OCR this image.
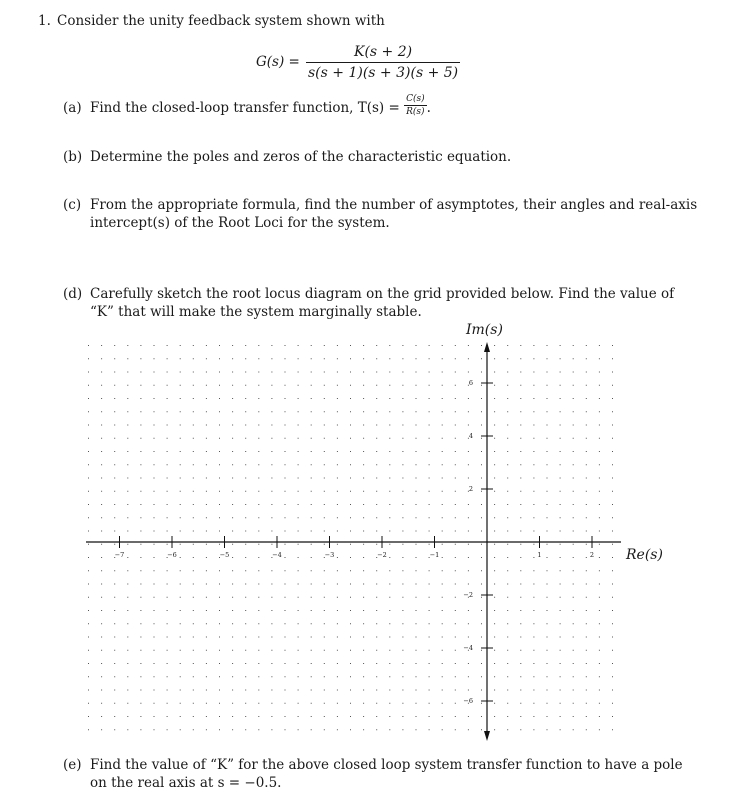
1. Consider the unity feedback system shown with
$G(s) = \frac{K(s + 2)}{s(s + 1)(s + 3)(s + 5)}$
(a) Find the closed-loop transfer function, $T(s) = \frac{C(s)}{R(s)}$ .
(b) Determine the poles and zeros of the characteristic equation.
(c) From the appropriate formula, find the number of asymptotes, their angles and real-axis
intercept(s) of the Root Loci for the system.
(d) Carefully sketch the root locus diagram on the grid provided below. Find the value of
“K” that will make the system marginally stable.
−7	−6	−5	−4	−3	−2	−1	1	2
6
4
2
−2
−4
−6
Im(s)
Re(s)
(e) Find the value of “K” for the above closed loop system transfer function to have a pole
on the real axis at s = −0.5.
